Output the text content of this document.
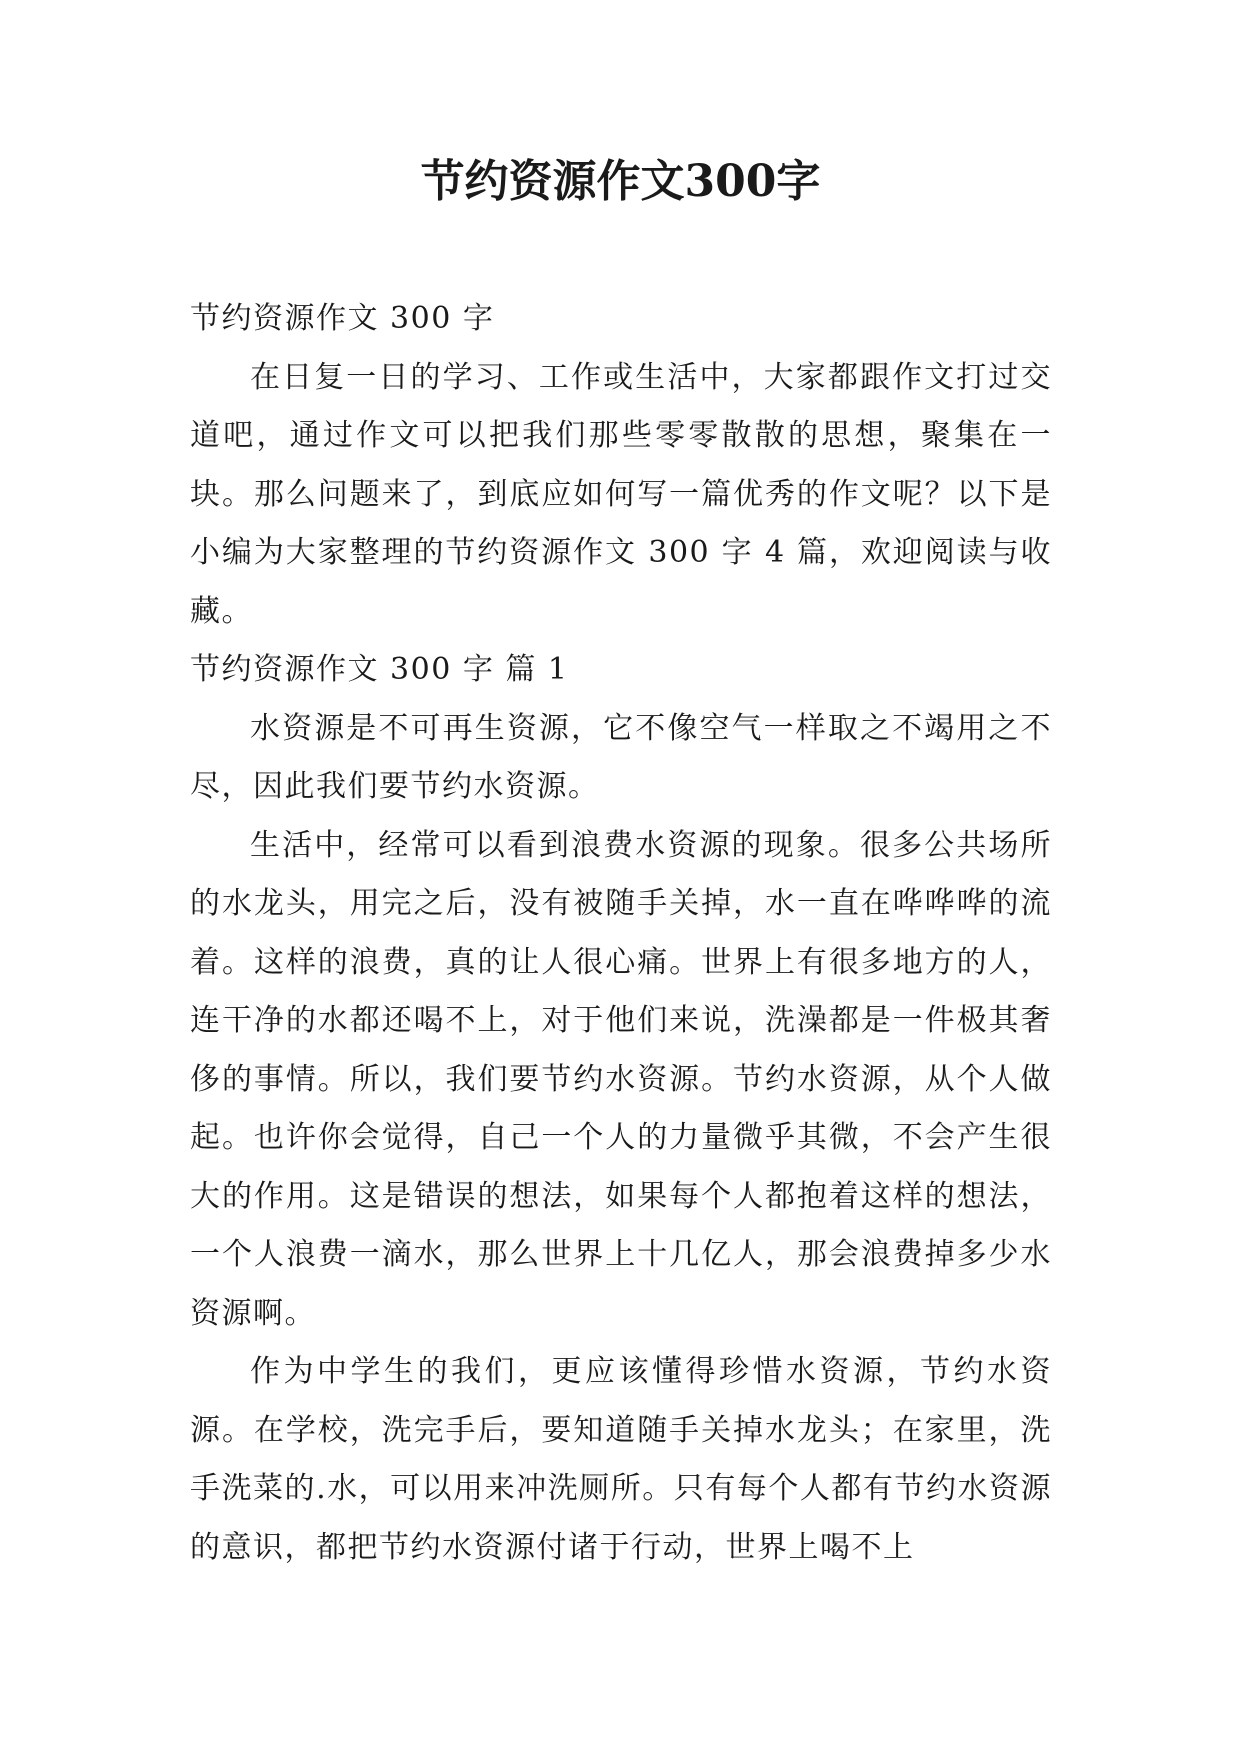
节约资源作文300字

节约资源作文 300 字

在日复一日的学习、工作或生活中，大家都跟作文打过交道吧，通过作文可以把我们那些零零散散的思想，聚集在一块。那么问题来了，到底应如何写一篇优秀的作文呢？以下是小编为大家整理的节约资源作文 300 字 4 篇，欢迎阅读与收藏。

节约资源作文 300 字 篇 1

水资源是不可再生资源，它不像空气一样取之不竭用之不尽，因此我们要节约水资源。

生活中，经常可以看到浪费水资源的现象。很多公共场所的水龙头，用完之后，没有被随手关掉，水一直在哗哗哗的流着。这样的浪费，真的让人很心痛。世界上有很多地方的人，连干净的水都还喝不上，对于他们来说，洗澡都是一件极其奢侈的事情。所以，我们要节约水资源。节约水资源，从个人做起。也许你会觉得，自己一个人的力量微乎其微，不会产生很大的作用。这是错误的想法，如果每个人都抱着这样的想法，一个人浪费一滴水，那么世界上十几亿人，那会浪费掉多少水资源啊。

作为中学生的我们，更应该懂得珍惜水资源，节约水资源。在学校，洗完手后，要知道随手关掉水龙头；在家里，洗手洗菜的.水，可以用来冲洗厕所。只有每个人都有节约水资源的意识，都把节约水资源付诸于行动，世界上喝不上
